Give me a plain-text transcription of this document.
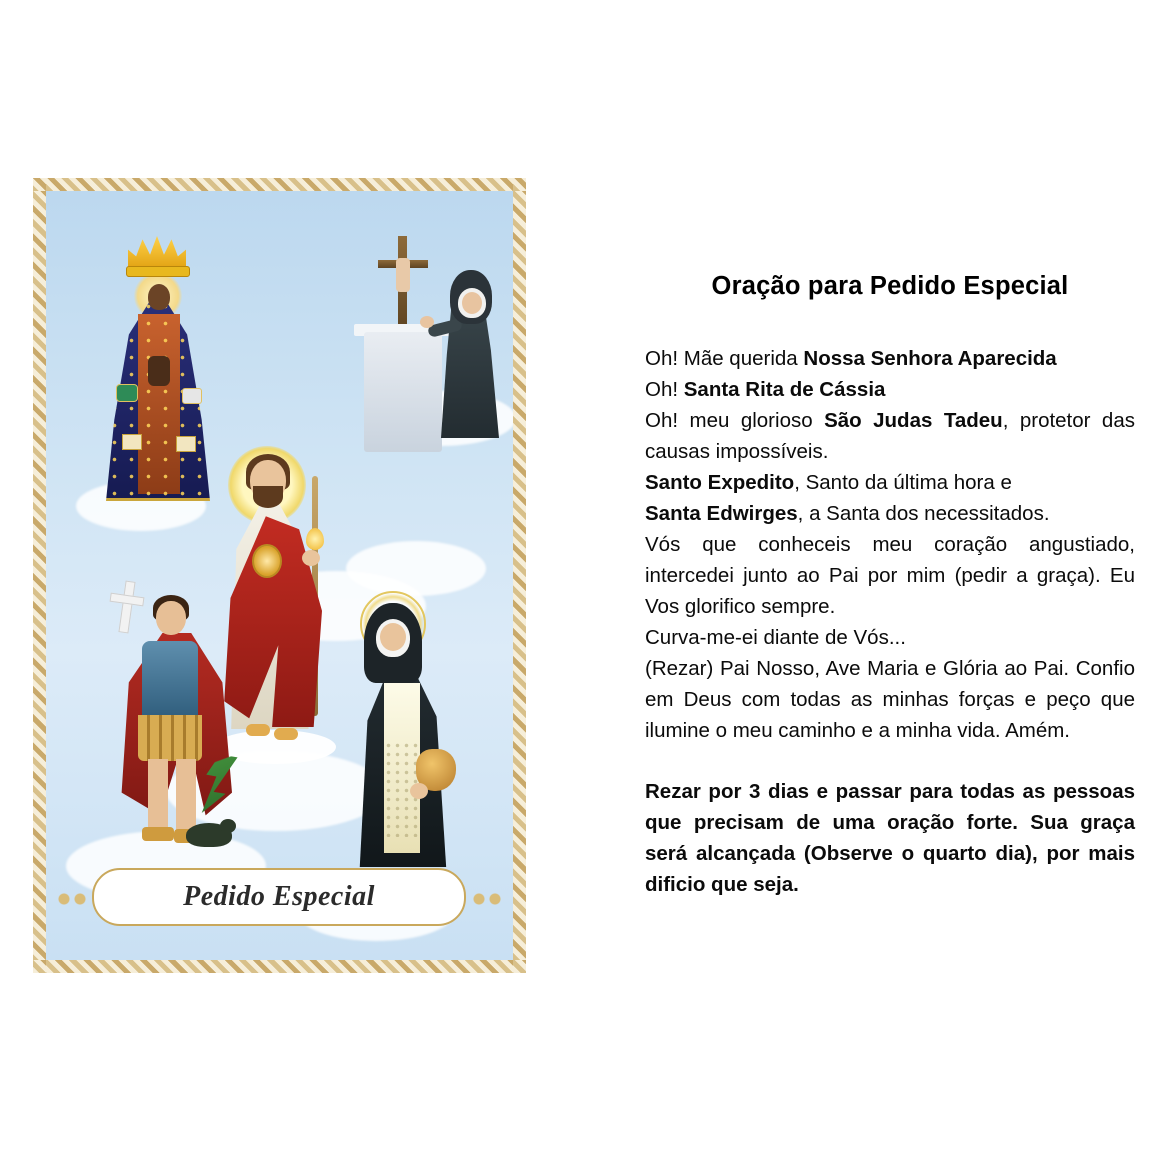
Pedido Especial
Oração para Pedido Especial

Oh! Mãe querida Nossa Senhora Aparecida

Oh! Santa Rita de Cássia

Oh! meu glorioso São Judas Tadeu, protetor das causas impossíveis.

Santo Expedito, Santo da última hora e

Santa Edwirges, a Santa dos necessitados.

Vós que conheceis meu coração angustiado, intercedei junto ao Pai por mim (pedir a graça). Eu Vos glorifico sempre.

Curva-me-ei diante de Vós...

(Rezar) Pai Nosso, Ave Maria e Glória ao Pai. Confio em Deus com todas as minhas forças e peço que ilumine o meu caminho e a minha vida. Amém.

Rezar por 3 dias e passar para todas as pessoas que precisam de uma oração forte. Sua graça será alcançada (Observe o quarto dia), por mais dificio que seja.
